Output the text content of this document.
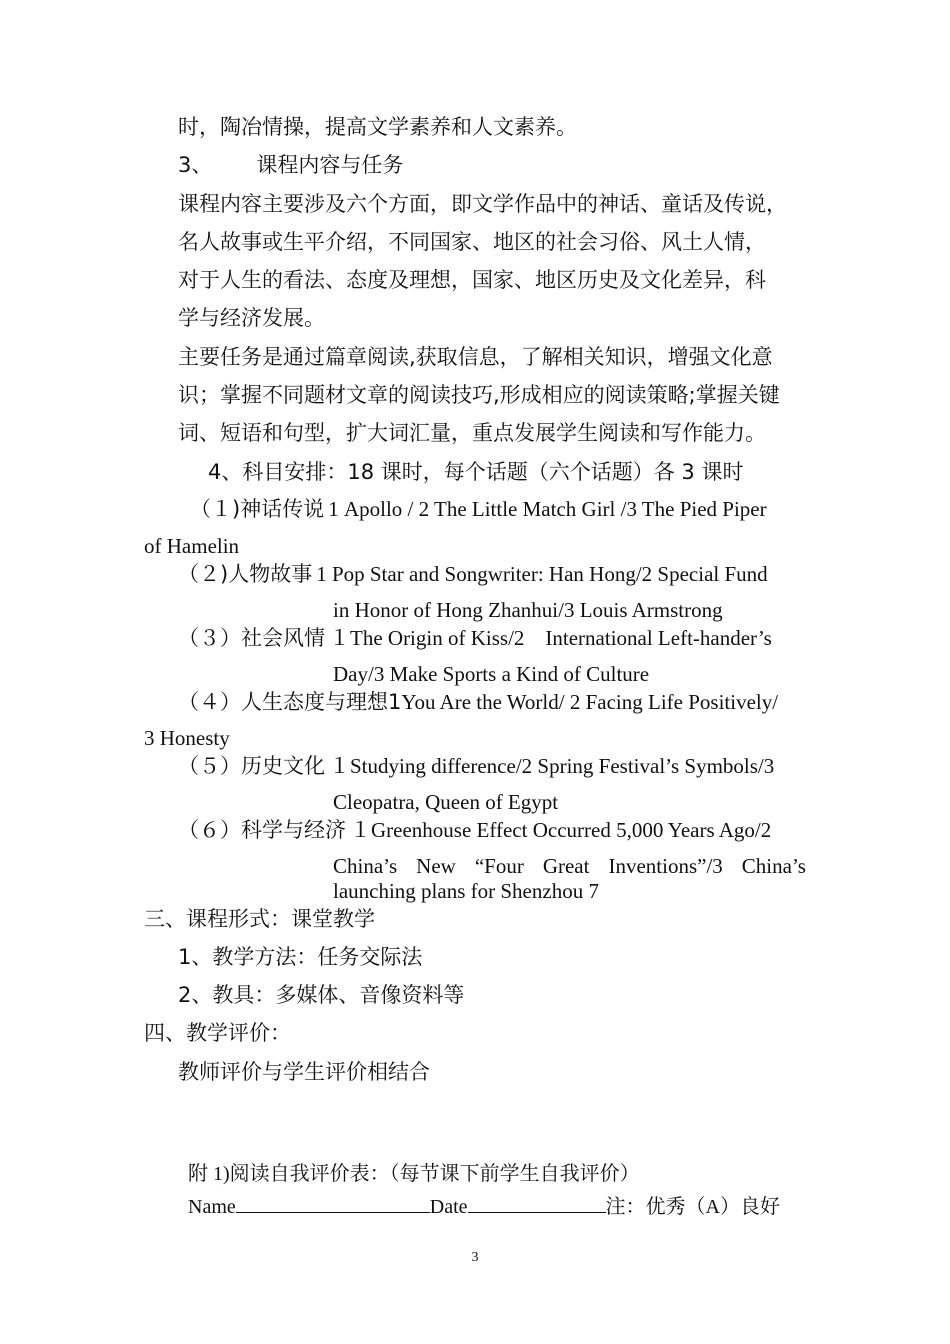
时，陶冶情操，提高文学素养和人文素养。
3、 课程内容与任务
课程内容主要涉及六个方面，即文学作品中的神话、童话及传说，
名人故事或生平介绍，不同国家、地区的社会习俗、风土人情，
对于人生的看法、态度及理想，国家、地区历史及文化差异，科
学与经济发展。
主要任务是通过篇章阅读,获取信息，了解相关知识，增强文化意
识；掌握不同题材文章的阅读技巧,形成相应的阅读策略;掌握关键
词、短语和句型，扩大词汇量，重点发展学生阅读和写作能力。
4、科目安排：18 课时，每个话题（六个话题）各 3 课时
（１)神话传说 1 Apollo / 2 The Little Match Girl /3 The Pied Piper
of Hamelin
（２)人物故事 1 Pop Star and Songwriter: Han Hong/2 Special Fund
in Honor of Hong Zhanhui/3 Louis Armstrong
（３）社会风情 １The Origin of Kiss/2    International Left-hander’s
Day/3 Make Sports a Kind of Culture
（４）人生态度与理想1You Are the World/ 2 Facing Life Positively/
3 Honesty
（５）历史文化 １Studying difference/2 Spring Festival’s Symbols/3
Cleopatra, Queen of Egypt
（６）科学与经济 １Greenhouse Effect Occurred 5,000 Years Ago/2
China’s New “Four Great Inventions”/3 China’s
launching plans for Shenzhou 7
三、课程形式：课堂教学
1、教学方法：任务交际法
2、教具：多媒体、音像资料等
四、教学评价：
教师评价与学生评价相结合
附 1)阅读自我评价表：（每节课下前学生自我评价）
Name	Date	注：优秀（A）良好
3
